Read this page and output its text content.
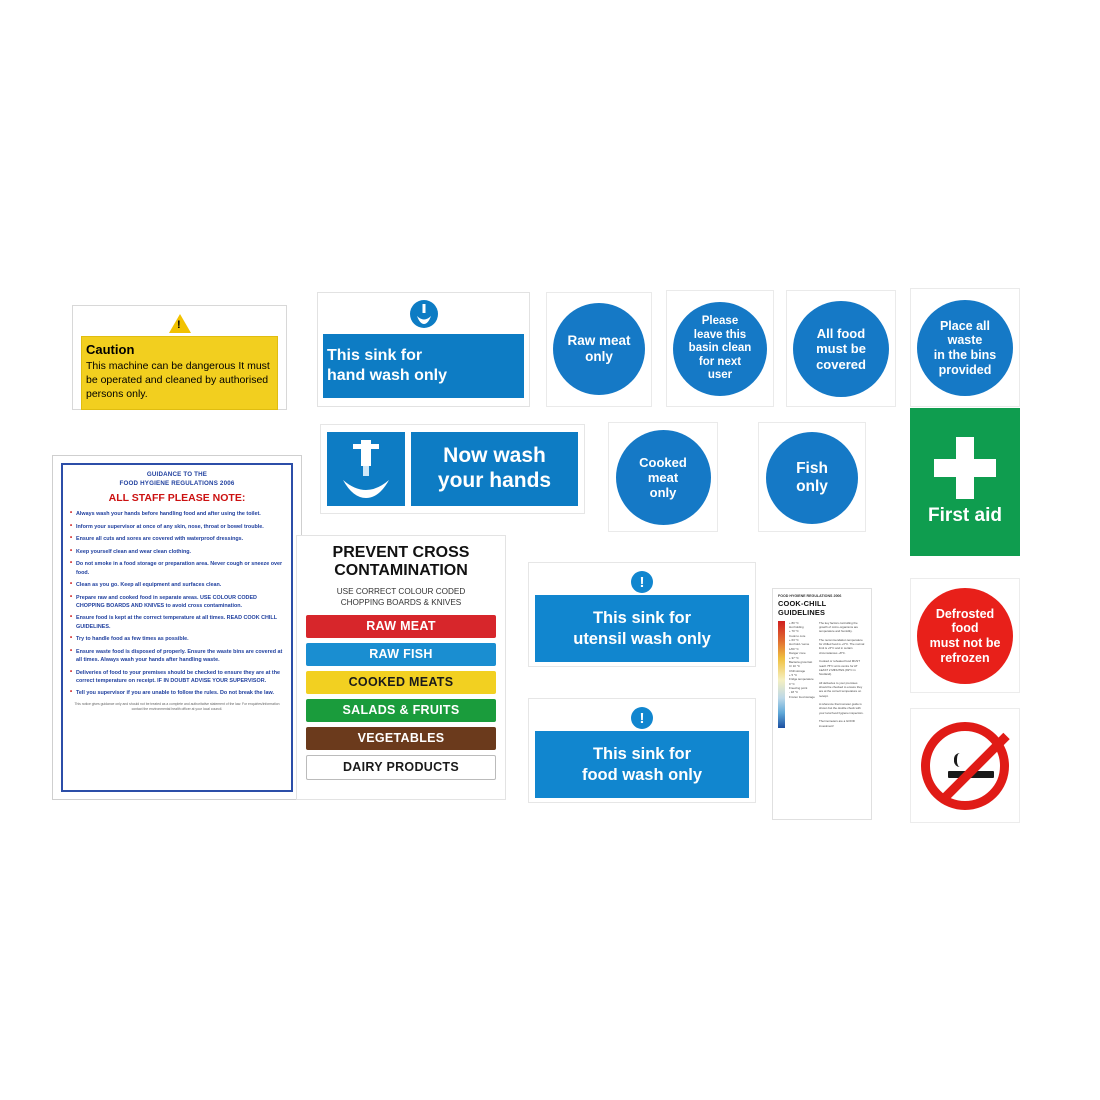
!
Caution
This machine can be dangerous It must be operated and cleaned by authorised persons only.
GUIDANCE TO THE
FOOD HYGIENE REGULATIONS 2006
ALL STAFF PLEASE NOTE:
• Always wash your hands before handling food and after using the toilet.
• Inform your supervisor at once of any skin, nose, throat or bowel trouble.
• Ensure all cuts and sores are covered with waterproof dressings.
• Keep yourself clean and wear clean clothing.
• Do not smoke in a food storage or preparation area. Never cough or sneeze over food.
• Clean as you go. Keep all equipment and surfaces clean.
• Prepare raw and cooked food in separate areas. USE COLOUR CODED CHOPPING BOARDS AND KNIVES to avoid cross contamination.
• Ensure food is kept at the correct temperature at all times. READ COOK CHILL GUIDELINES.
• Try to handle food as few times as possible.
• Ensure waste food is disposed of properly. Ensure the waste bins are covered at all times. Always wash your hands after handling waste.
• Deliveries of food to your premises should be checked to ensure they are at the correct temperature on receipt. IF IN DOUBT ADVISE YOUR SUPERVISOR.
• Tell you supervisor if you are unable to follow the rules. Do not break the law.
This notice gives guidance only and should not be treated as a complete and authoritative statement of the law. For enquiries/information contact the environmental health officer at your local council.
This sink for
hand wash only
Now wash
your hands
Raw meat
only
Please
leave this
basin clean
for next
user
All food
must be
covered
Place all
waste
in the bins
provided
Cooked
meat
only
Fish
only
First aid
PREVENT CROSS
CONTAMINATION
USE CORRECT COLOUR CODED
CHOPPING BOARDS & KNIVES
RAW MEAT
RAW FISH
COOKED MEATS
SALADS & FRUITS
VEGETABLES
DAIRY PRODUCTS
!
This sink for
utensil wash only
!
This sink for
food wash only
FOOD HYGIENE REGULATIONS 2006
COOK-CHILL GUIDELINES
+ 80 °C
Hot holding
+ 70 °C
Cook to core
+ 63 °C
Hot hold / serve
L/00 °C
Danger zone
+ 37 °C
Bacteria grow fast
C/ 10 °C
Chill storage
+ 5 °C
Fridge temperature
0 °C
Freezing point
- 18 °C
Frozen food storage
The key factors controlling the growth of micro-organisms are temperature and humidity.
The recommendation temperature for chilled food is +3°C. The normal limit is +5°C and in certain circumstances +8°C.
Cooked or reheated food MUST reach 75°C at its centre for AT LEAST 2 MINUTES (82°C in Scotland).
All deliveries to your premises should be checked to ensure they are at the correct temperature on receipt.
A reference thermometer guide is shown but the double check with your local food hygiene inspectors.
Thermometers are a GOOD investment!
Defrosted
food
must not be
refrozen
